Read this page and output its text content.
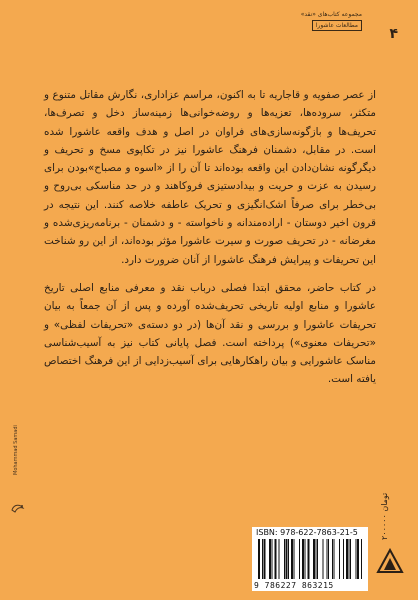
مجموعه کتاب‌های «نقد»
مطالعات عاشورا
۴

از عصر صفویه و قاجاریه تا به اکنون، مراسم عزاداری، نگارش مقاتل متنوع و متکثر، سروده‌ها، تعزیه‌ها و روضه‌خوانی‌ها زمینه‌ساز دخل و تصرف‌ها، تحریف‌ها و بازگونه‌سازی‌های فراوان در اصل و هدف واقعه عاشورا شده است. در مقابل، دشمنان فرهنگ عاشورا نیز در تکاپوی مسخ و تحریف و دیگرگونه نشان‌دادن این واقعه بوده‌اند تا آن را از «اسوه و مصباح»بودن برای رسیدن به عزت و حریت و بیدادستیزی فروکاهند و در حد مناسکی بی‌روح و بی‌خطر برای صرفاً اشک‌انگیزی و تحریک عاطفه خلاصه کنند. این نتیجه در قرون اخیر دوستان - اراده‌مندانه و ناخواسته - و دشمنان - برنامه‌ریزی‌شده و مغرضانه - در تحریف صورت و سیرت عاشورا مؤثر بوده‌اند، از این رو شناخت این تحریفات و پیرایش فرهنگ عاشورا از آنان ضرورت دارد.

در کتاب حاضر، محقق ابتدا فصلی درباب نقد و معرفی منابع اصلی تاریخ عاشورا و منابع اولیه تاریخی تحریف‌شده آورده و پس از آن جمعاً به بیان تحریفات عاشورا و بررسی و نقد آن‌ها (در دو دسته‌ی «تحریفات لفظی» و «تحریفات معنوی») پرداخته است. فصل پایانی کتاب نیز به آسیب‌شناسی مناسک عاشورایی و بیان راهکارهایی برای آسیب‌زدایی از این فرهنگ اختصاص یافته است.

Mohammad Samadi
ISBN: 978-622-7863-21-5
9 786227 863215
۲۰۰۰۰۰ تومان
